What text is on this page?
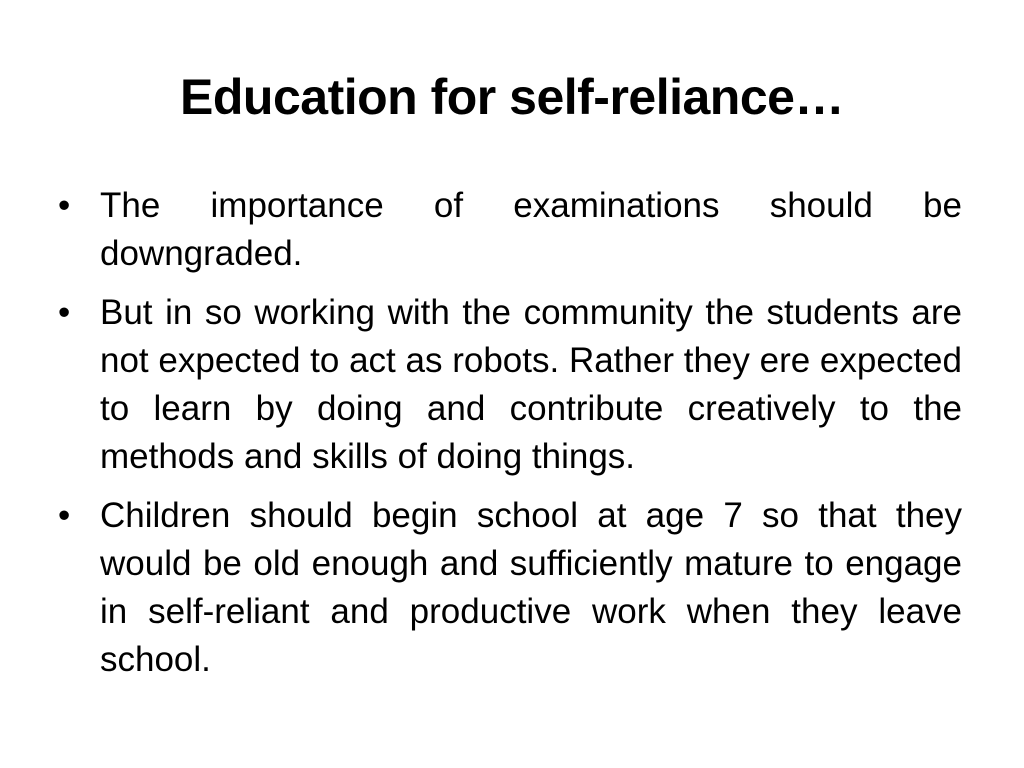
Education for self-reliance…
• The importance of examinations should be downgraded.
• But in so working with the community the students are not expected to act as robots. Rather they ere expected to learn by doing and contribute creatively to the methods and skills of doing things.
• Children should begin school at age 7 so that they would be old enough and sufficiently mature to engage in self-reliant and productive work when they leave school.
